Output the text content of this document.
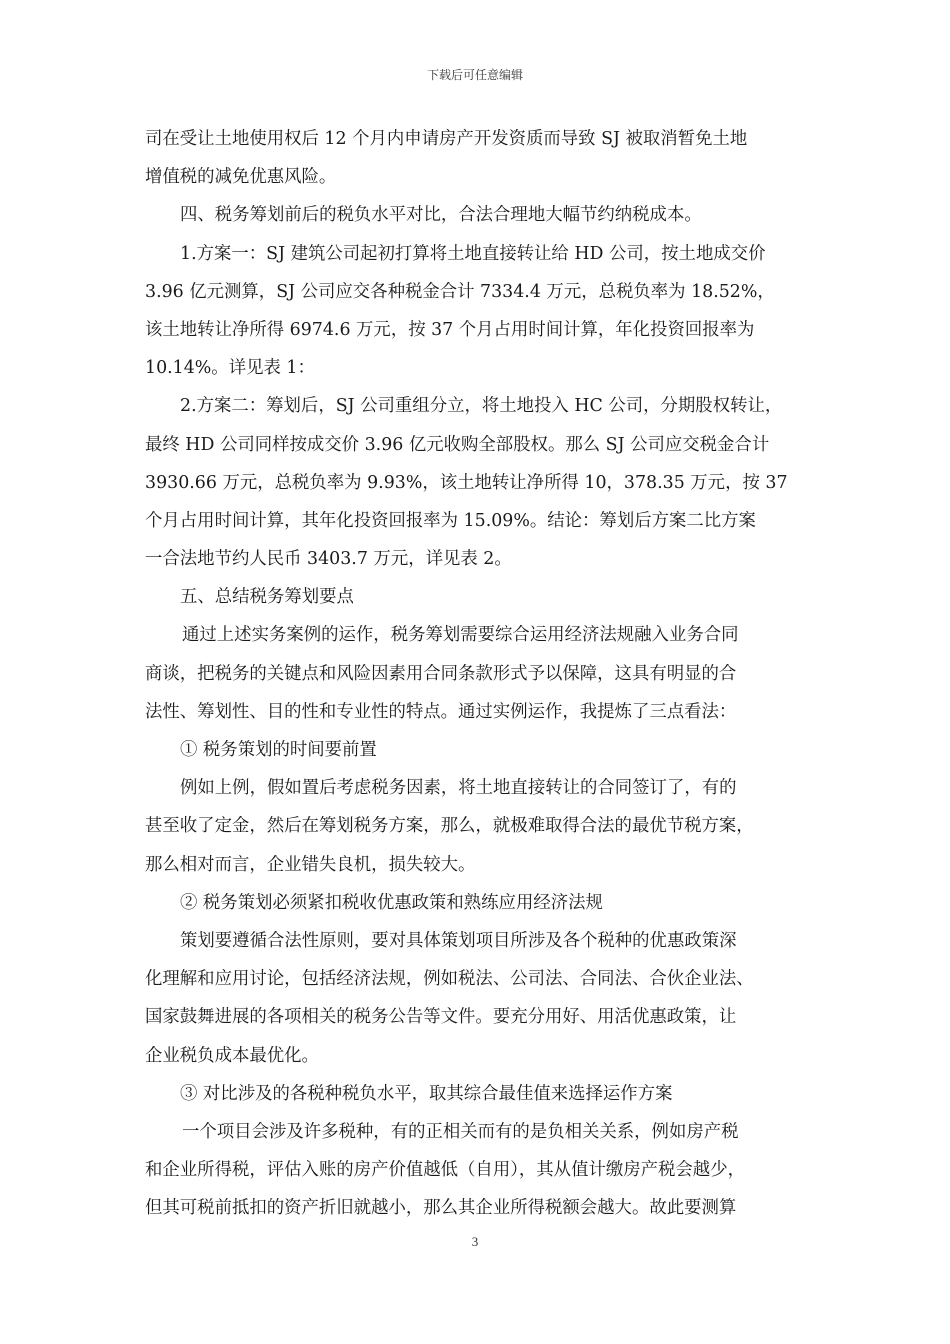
下载后可任意编辑
司在受让土地使用权后 12 个月内申请房产开发资质而导致 SJ 被取消暂免土地
增值税的减免优惠风险。
四、税务筹划前后的税负水平对比，合法合理地大幅节约纳税成本。
1.方案一：SJ 建筑公司起初打算将土地直接转让给 HD 公司，按土地成交价
3.96 亿元测算，SJ 公司应交各种税金合计 7334.4 万元，总税负率为 18.52%，
该土地转让净所得 6974.6 万元，按 37 个月占用时间计算，年化投资回报率为
10.14%。详见表 1：
2.方案二：筹划后，SJ 公司重组分立，将土地投入 HC 公司，分期股权转让，
最终 HD 公司同样按成交价 3.96 亿元收购全部股权。那么 SJ 公司应交税金合计
3930.66 万元，总税负率为 9.93%，该土地转让净所得 10，378.35 万元，按 37
个月占用时间计算，其年化投资回报率为 15.09%。结论：筹划后方案二比方案
一合法地节约人民币 3403.7 万元，详见表 2。
五、总结税务筹划要点
通过上述实务案例的运作，税务筹划需要综合运用经济法规融入业务合同
商谈，把税务的关键点和风险因素用合同条款形式予以保障，这具有明显的合
法性、筹划性、目的性和专业性的特点。通过实例运作，我提炼了三点看法：
① 税务策划的时间要前置
例如上例，假如置后考虑税务因素，将土地直接转让的合同签订了，有的
甚至收了定金，然后在筹划税务方案，那么，就极难取得合法的最优节税方案，
那么相对而言，企业错失良机，损失较大。
② 税务策划必须紧扣税收优惠政策和熟练应用经济法规
策划要遵循合法性原则，要对具体策划项目所涉及各个税种的优惠政策深
化理解和应用讨论，包括经济法规，例如税法、公司法、合同法、合伙企业法、
国家鼓舞进展的各项相关的税务公告等文件。要充分用好、用活优惠政策，让
企业税负成本最优化。
③ 对比涉及的各税种税负水平，取其综合最佳值来选择运作方案
一个项目会涉及许多税种，有的正相关而有的是负相关关系，例如房产税
和企业所得税，评估入账的房产价值越低（自用），其从值计缴房产税会越少，
但其可税前抵扣的资产折旧就越小，那么其企业所得税额会越大。故此要测算
3
